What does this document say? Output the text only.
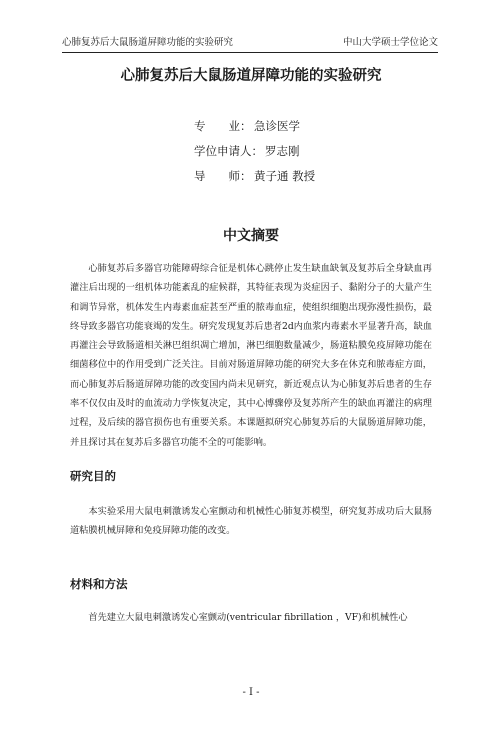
心肺复苏后大鼠肠道屏障功能的实验研究	中山大学硕士学位论文
心肺复苏后大鼠肠道屏障功能的实验研究
专　　业： 急诊医学
学位申请人： 罗志刚
导　　师： 黄子通 教授
中文摘要

心肺复苏后多器官功能障碍综合征是机体心跳停止发生缺血缺氧及复苏后全身缺血再灌注后出现的一组机体功能紊乱的症候群，其特征表现为炎症因子、黏附分子的大量产生和调节异常，机体发生内毒素血症甚至严重的脓毒血症，使组织细胞出现弥漫性损伤，最终导致多器官功能衰竭的发生。研究发现复苏后患者2d内血浆内毒素水平显著升高，缺血再灌注会导致肠道相关淋巴组织凋亡增加，淋巴细胞数量减少，肠道粘膜免疫屏障功能在细菌移位中的作用受到广泛关注。目前对肠道屏障功能的研究大多在休克和脓毒症方面，而心肺复苏后肠道屏障功能的改变国内尚未见研究，新近观点认为心肺复苏后患者的生存率不仅仅由及时的血流动力学恢复决定，其中心博骤停及复苏所产生的缺血再灌注的病理过程，及后续的器官损伤也有重要关系。本课题拟研究心肺复苏后的大鼠肠道屏障功能，并且探讨其在复苏后多器官功能不全的可能影响。

研究目的

本实验采用大鼠电刺激诱发心室颤动和机械性心肺复苏模型，研究复苏成功后大鼠肠道粘膜机械屏障和免疫屏障功能的改变。

材料和方法

首先建立大鼠电刺激诱发心室颤动(ventricular fibrillation ，VF)和机械性心

- I -
